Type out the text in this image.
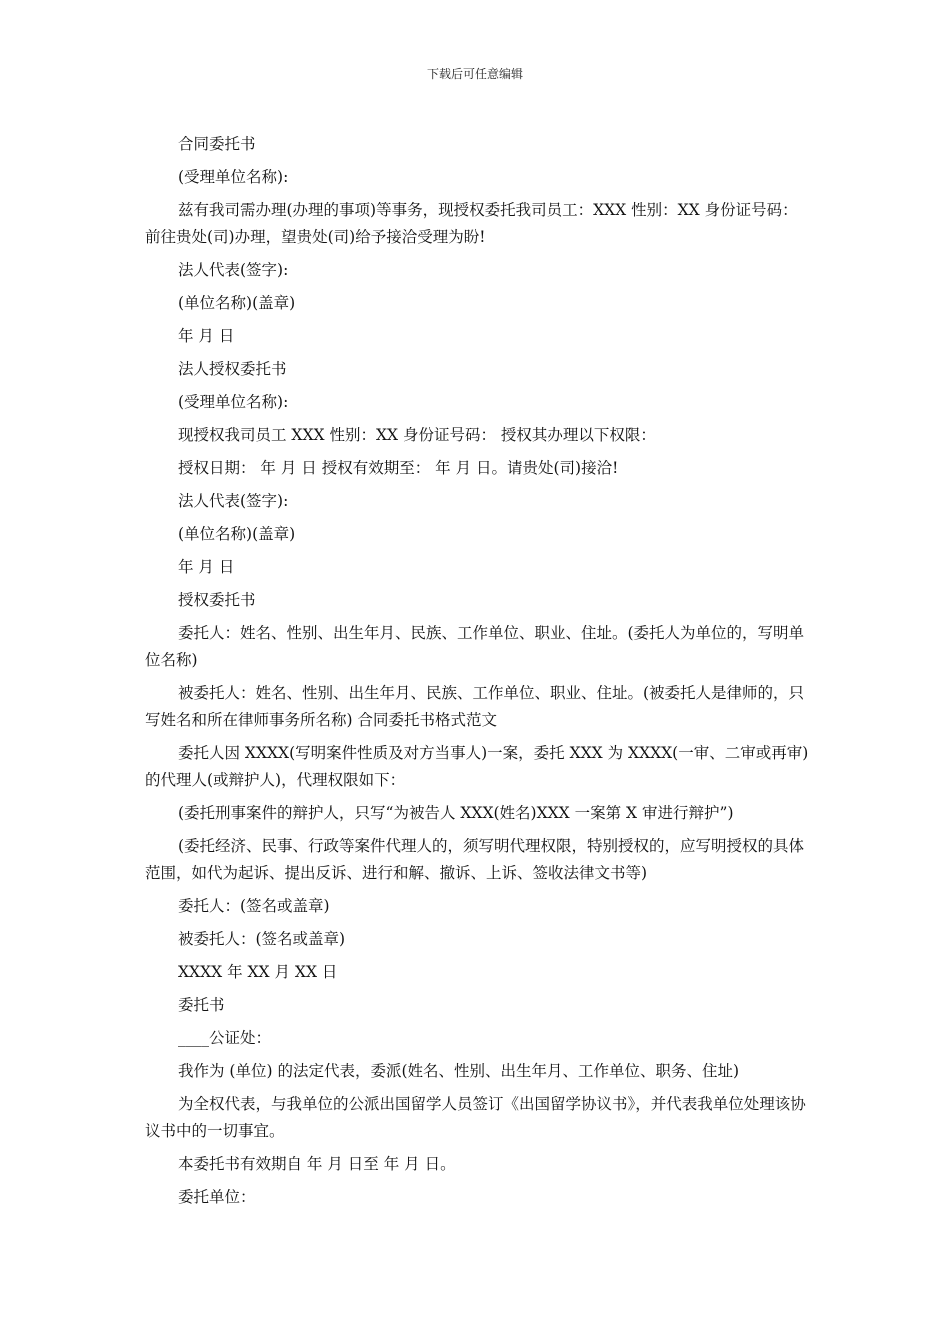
下载后可任意编辑

合同委托书

(受理单位名称):

兹有我司需办理(办理的事项)等事务，现授权委托我司员工：XXX 性别：XX 身份证号码：前往贵处(司)办理，望贵处(司)给予接洽受理为盼!

法人代表(签字):

(单位名称)(盖章)

年 月 日

法人授权委托书

(受理单位名称):

现授权我司员工 XXX 性别：XX 身份证号码： 授权其办理以下权限：

授权日期： 年 月 日 授权有效期至： 年 月 日。请贵处(司)接洽!

法人代表(签字):

(单位名称)(盖章)

年 月 日

授权委托书

委托人：姓名、性别、出生年月、民族、工作单位、职业、住址。(委托人为单位的，写明单位名称)

被委托人：姓名、性别、出生年月、民族、工作单位、职业、住址。(被委托人是律师的，只写姓名和所在律师事务所名称) 合同委托书格式范文

委托人因 XXXX(写明案件性质及对方当事人)一案，委托 XXX 为 XXXX(一审、二审或再审)的代理人(或辩护人)，代理权限如下：

(委托刑事案件的辩护人，只写“为被告人 XXX(姓名)XXX 一案第 X 审进行辩护”)

(委托经济、民事、行政等案件代理人的，须写明代理权限，特别授权的，应写明授权的具体范围，如代为起诉、提出反诉、进行和解、撤诉、上诉、签收法律文书等)

委托人：(签名或盖章)

被委托人：(签名或盖章)

XXXX 年 XX 月 XX 日

委托书

____公证处：

我作为 (单位) 的法定代表，委派(姓名、性别、出生年月、工作单位、职务、住址)

为全权代表，与我单位的公派出国留学人员签订《出国留学协议书》，并代表我单位处理该协议书中的一切事宜。

本委托书有效期自 年 月 日至 年 月 日。

委托单位：
